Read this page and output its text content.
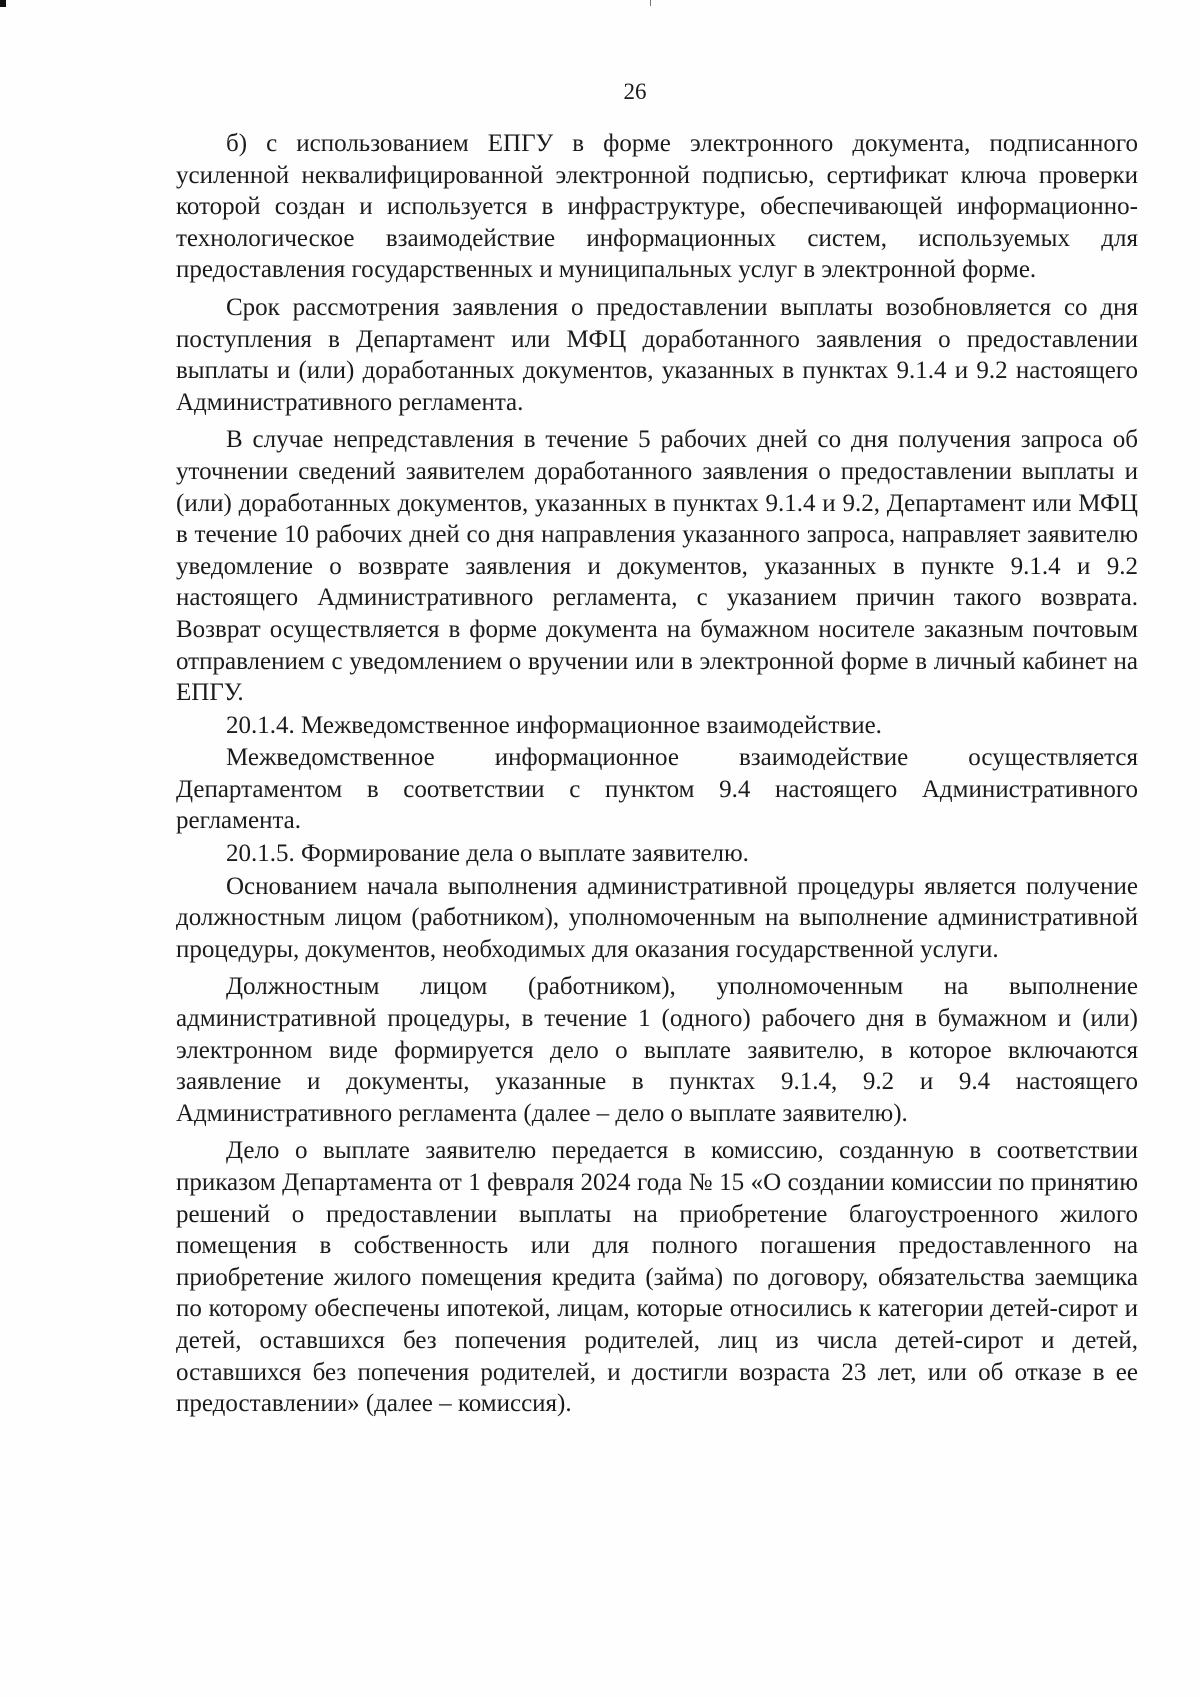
26

б) с использованием ЕПГУ в форме электронного документа, подписанного усиленной неквалифицированной электронной подписью, сертификат ключа проверки которой создан и используется в инфраструктуре, обеспечивающей информационно-технологическое взаимодействие информационных систем, используемых для предоставления государственных и муниципальных услуг в электронной форме.

Срок рассмотрения заявления о предоставлении выплаты возобновляется со дня поступления в Департамент или МФЦ доработанного заявления о предоставлении выплаты и (или) доработанных документов, указанных в пунктах 9.1.4 и 9.2 настоящего Административного регламента.

В случае непредставления в течение 5 рабочих дней со дня получения запроса об уточнении сведений заявителем доработанного заявления о предоставлении выплаты и (или) доработанных документов, указанных в пунктах 9.1.4 и 9.2, Департамент или МФЦ в течение 10 рабочих дней со дня направления указанного запроса, направляет заявителю уведомление о возврате заявления и документов, указанных в пункте 9.1.4 и 9.2 настоящего Административного регламента, с указанием причин такого возврата. Возврат осуществляется в форме документа на бумажном носителе заказным почтовым отправлением с уведомлением о вручении или в электронной форме в личный кабинет на ЕПГУ.

20.1.4. Межведомственное информационное взаимодействие.

Межведомственное информационное взаимодействие осуществляется Департаментом в соответствии с пунктом 9.4 настоящего Административного регламента.

20.1.5. Формирование дела о выплате заявителю.

Основанием начала выполнения административной процедуры является получение должностным лицом (работником), уполномоченным на выполнение административной процедуры, документов, необходимых для оказания государственной услуги.

Должностным лицом (работником), уполномоченным на выполнение административной процедуры, в течение 1 (одного) рабочего дня в бумажном и (или) электронном виде формируется дело о выплате заявителю, в которое включаются заявление и документы, указанные в пунктах 9.1.4, 9.2 и 9.4 настоящего Административного регламента (далее – дело о выплате заявителю).

Дело о выплате заявителю передается в комиссию, созданную в соответствии приказом Департамента от 1 февраля 2024 года № 15 «О создании комиссии по принятию решений о предоставлении выплаты на приобретение благоустроенного жилого помещения в собственность или для полного погашения предоставленного на приобретение жилого помещения кредита (займа) по договору, обязательства заемщика по которому обеспечены ипотекой, лицам, которые относились к категории детей-сирот и детей, оставшихся без попечения родителей, лиц из числа детей-сирот и детей, оставшихся без попечения родителей, и достигли возраста 23 лет, или об отказе в ее предоставлении» (далее – комиссия).
